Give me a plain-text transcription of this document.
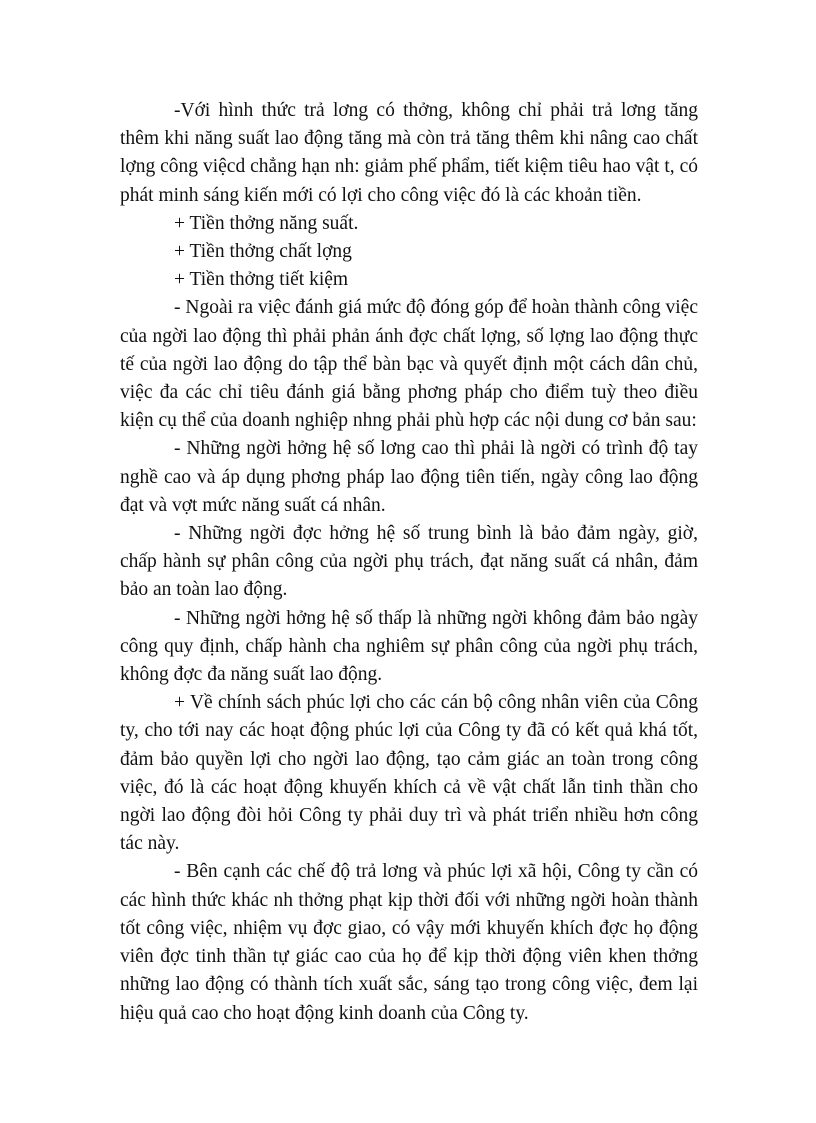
-Với hình thức trả lơng có thởng, không chỉ phải trả lơng tăng thêm khi năng suất lao động tăng mà còn trả tăng thêm khi nâng cao chất lợng công việcd chẳng hạn nh: giảm phế phẩm, tiết kiệm tiêu hao vật t, có phát minh sáng kiến mới có lợi cho công việc đó là các khoản tiền.

+ Tiền thởng năng suất.

+ Tiền thởng chất lợng

+ Tiền thởng tiết kiệm

- Ngoài ra việc đánh giá mức độ đóng góp để hoàn thành công việc của ngời lao động thì phải phản ánh đợc chất lợng, số lợng lao động thực tế của ngời lao động do tập thể bàn bạc và quyết định một cách dân chủ, việc đa các chỉ tiêu đánh giá bằng phơng pháp cho điểm tuỳ theo điều kiện cụ thể của doanh nghiệp nhng phải phù hợp các nội dung cơ bản sau:

- Những ngời hởng hệ số lơng cao thì phải là ngời có trình độ tay nghề cao và áp dụng phơng pháp lao động tiên tiến, ngày công lao động đạt và vợt mức năng suất cá nhân.

- Những ngời đợc hởng hệ số trung bình là bảo đảm ngày, giờ, chấp hành sự phân công của ngời phụ trách, đạt năng suất cá nhân, đảm bảo an toàn lao động.

- Những ngời hởng hệ số thấp là những ngời không đảm bảo ngày công quy định, chấp hành cha nghiêm sự phân công của ngời phụ trách, không đợc đa năng suất lao động.

+ Về chính sách phúc lợi cho các cán bộ công nhân viên của Công ty, cho tới nay các hoạt động phúc lợi của Công ty đã có kết quả khá tốt, đảm bảo quyền lợi cho ngời lao động, tạo cảm giác an toàn trong công việc, đó là các hoạt động khuyến khích cả về vật chất lẫn tinh thần cho ngời lao động đòi hỏi Công ty phải duy trì và phát triển nhiều hơn công tác này.

- Bên cạnh các chế độ trả lơng và phúc lợi xã hội, Công ty cần có các hình thức khác nh thởng phạt kịp thời đối với những ngời hoàn thành tốt công việc, nhiệm vụ đợc giao, có vậy mới khuyến khích đợc họ động viên đợc tinh thần tự giác cao của họ để kịp thời động viên khen thởng những lao động có thành tích xuất sắc, sáng tạo trong công việc, đem lại hiệu quả cao cho hoạt động kinh doanh của Công ty.
